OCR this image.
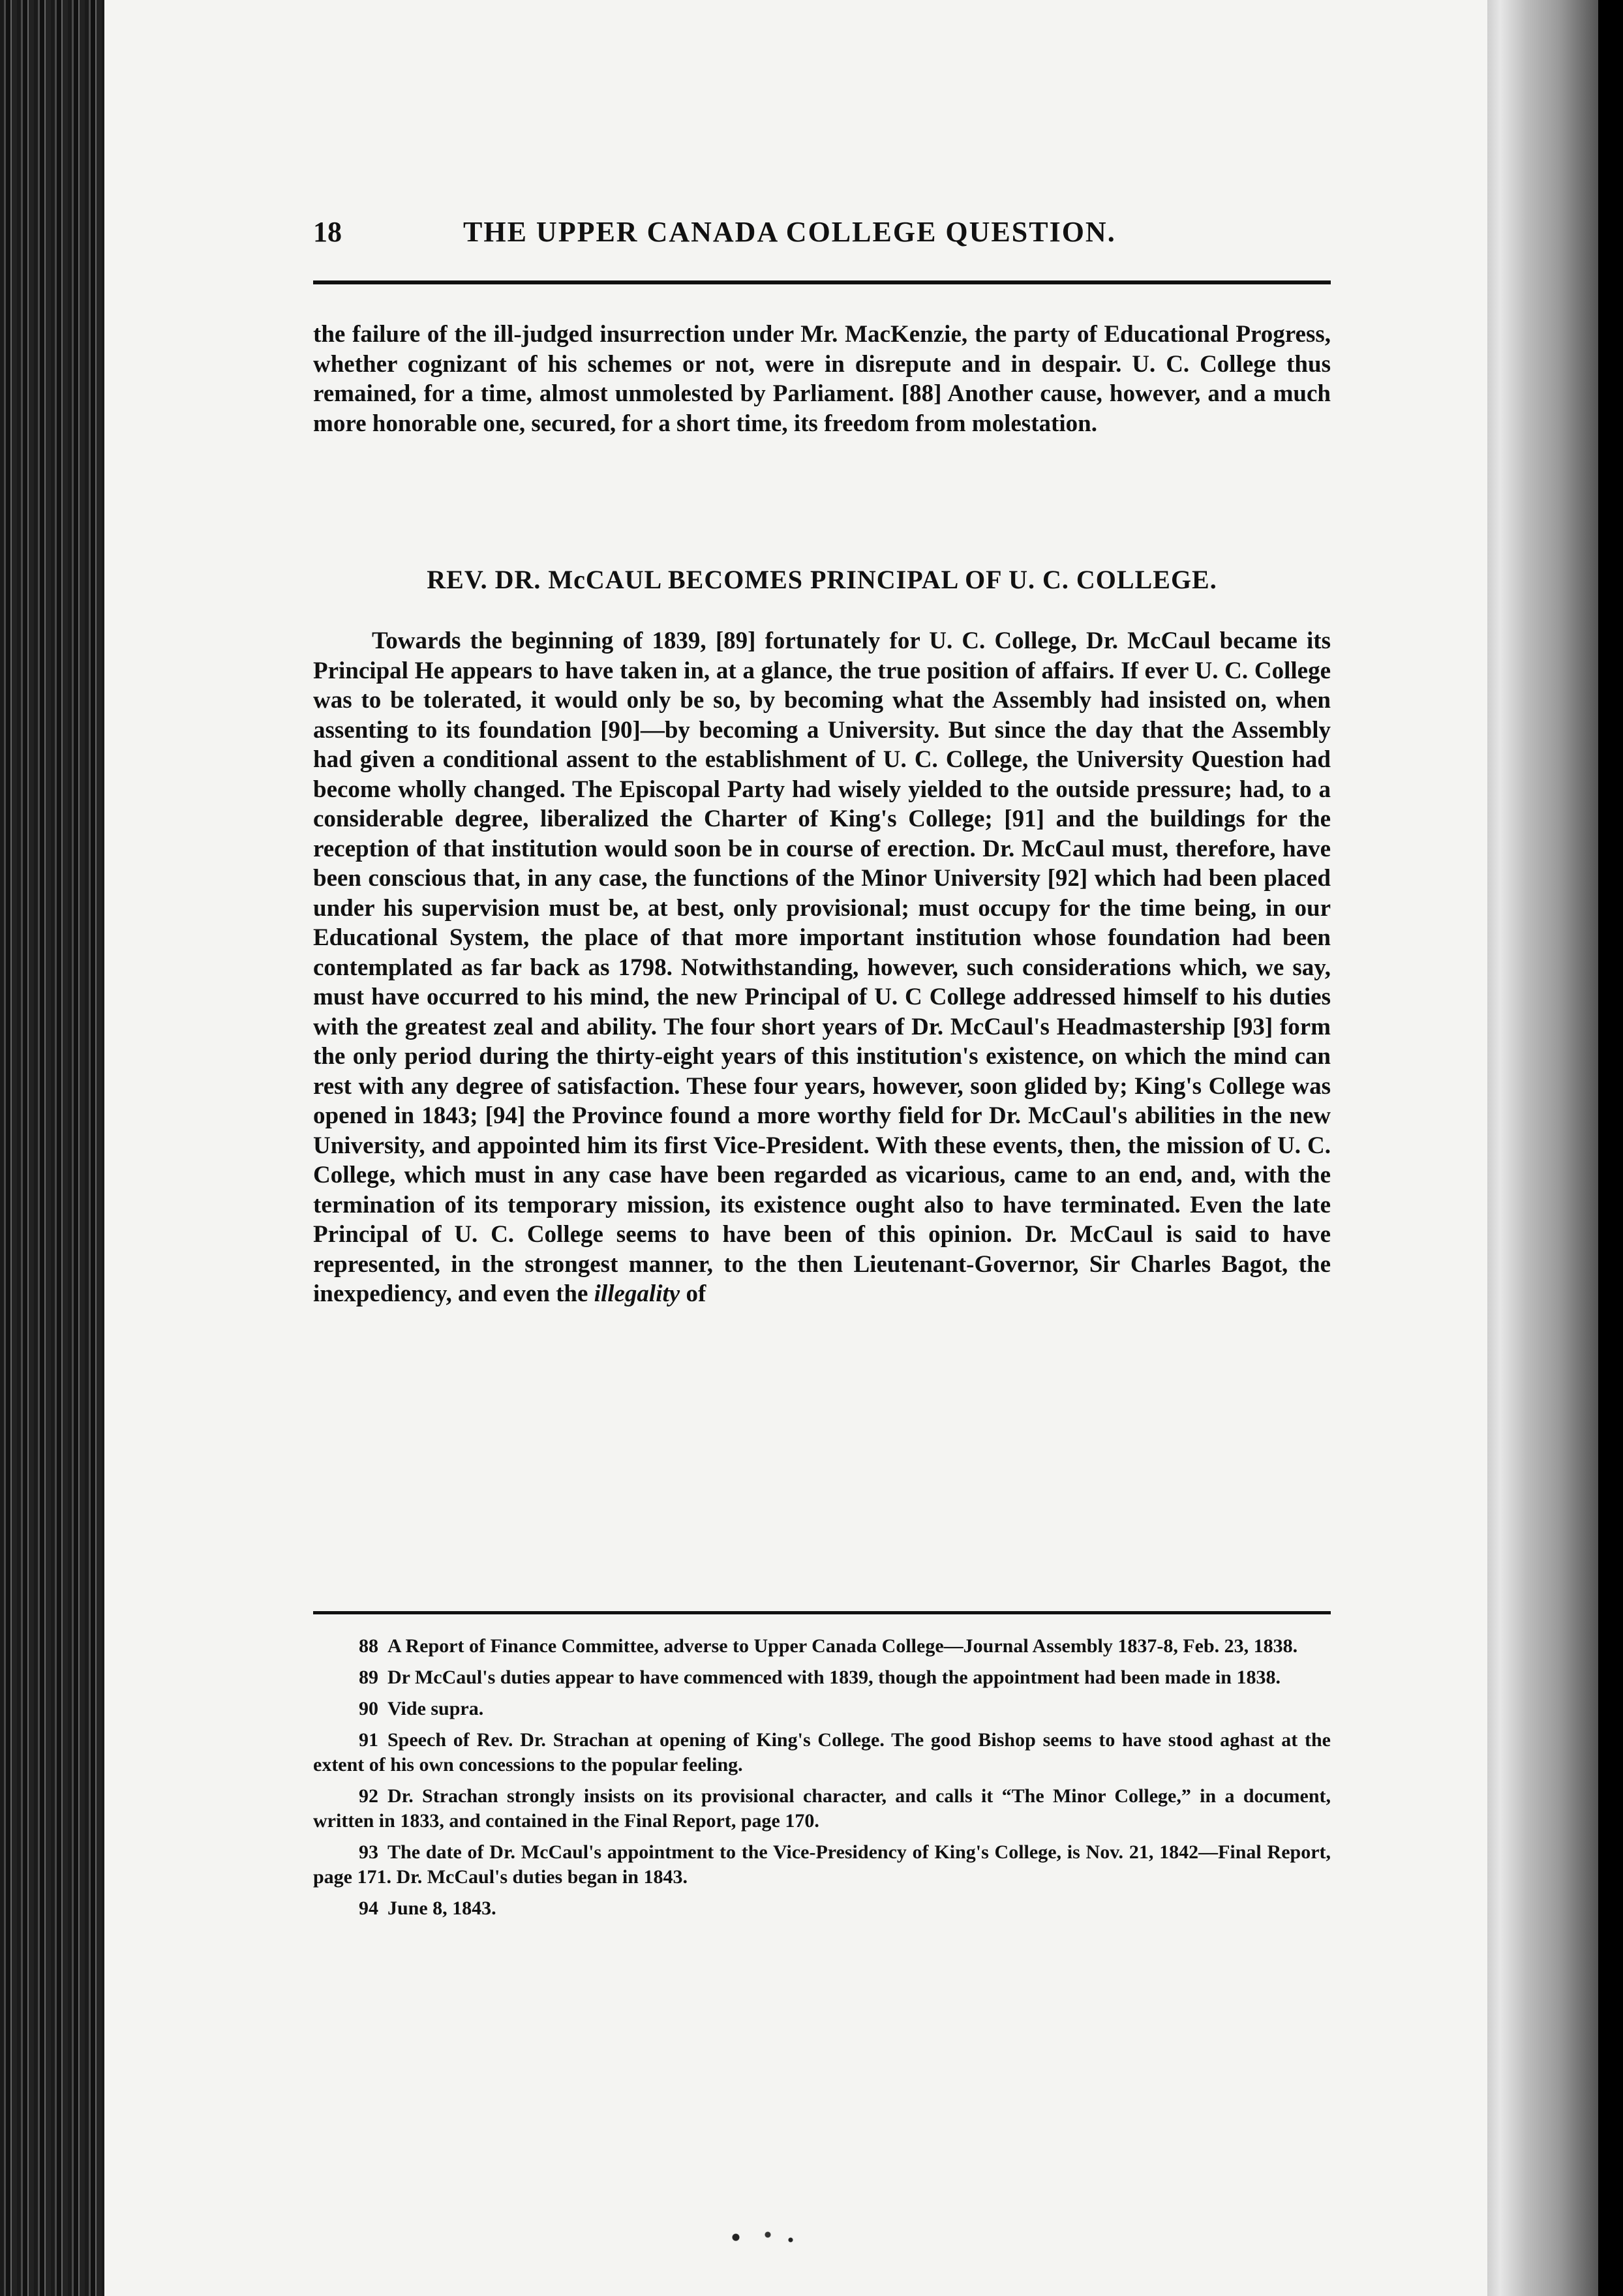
18	THE UPPER CANADA COLLEGE QUESTION.

the failure of the ill-judged insurrection under Mr. MacKenzie, the party of Educational Progress, whether cognizant of his schemes or not, were in disrepute and in despair. U. C. College thus remained, for a time, almost unmolested by Parliament. [88] Another cause, however, and a much more honorable one, secured, for a short time, its freedom from molestation.

REV. DR. McCAUL BECOMES PRINCIPAL OF U. C. COLLEGE.

Towards the beginning of 1839, [89] fortunately for U. C. College, Dr. McCaul became its Principal He appears to have taken in, at a glance, the true position of affairs. If ever U. C. College was to be tolerated, it would only be so, by becoming what the Assembly had insisted on, when assenting to its foundation [90]—by becoming a University. But since the day that the Assembly had given a conditional assent to the establishment of U. C. College, the University Question had become wholly changed. The Episcopal Party had wisely yielded to the outside pressure; had, to a considerable degree, liberalized the Charter of King's College; [91] and the buildings for the reception of that institution would soon be in course of erection. Dr. McCaul must, therefore, have been conscious that, in any case, the functions of the Minor University [92] which had been placed under his supervision must be, at best, only provisional; must occupy for the time being, in our Educational System, the place of that more important institution whose foundation had been contemplated as far back as 1798. Notwithstanding, however, such considerations which, we say, must have occurred to his mind, the new Principal of U. C College addressed himself to his duties with the greatest zeal and ability. The four short years of Dr. McCaul's Headmastership [93] form the only period during the thirty-eight years of this institution's existence, on which the mind can rest with any degree of satisfaction. These four years, however, soon glided by; King's College was opened in 1843; [94] the Province found a more worthy field for Dr. McCaul's abilities in the new University, and appointed him its first Vice-President. With these events, then, the mission of U. C. College, which must in any case have been regarded as vicarious, came to an end, and, with the termination of its temporary mission, its existence ought also to have terminated. Even the late Principal of U. C. College seems to have been of this opinion. Dr. McCaul is said to have represented, in the strongest manner, to the then Lieutenant-Governor, Sir Charles Bagot, the inexpediency, and even the illegality of

88 A Report of Finance Committee, adverse to Upper Canada College—Journal Assembly 1837-8, Feb. 23, 1838.

89 Dr McCaul's duties appear to have commenced with 1839, though the appointment had been made in 1838.

90 Vide supra.

91 Speech of Rev. Dr. Strachan at opening of King's College. The good Bishop seems to have stood aghast at the extent of his own concessions to the popular feeling.

92 Dr. Strachan strongly insists on its provisional character, and calls it “The Minor College,” in a document, written in 1833, and contained in the Final Report, page 170.

93 The date of Dr. McCaul's appointment to the Vice-Presidency of King's College, is Nov. 21, 1842—Final Report, page 171. Dr. McCaul's duties began in 1843.

94 June 8, 1843.
